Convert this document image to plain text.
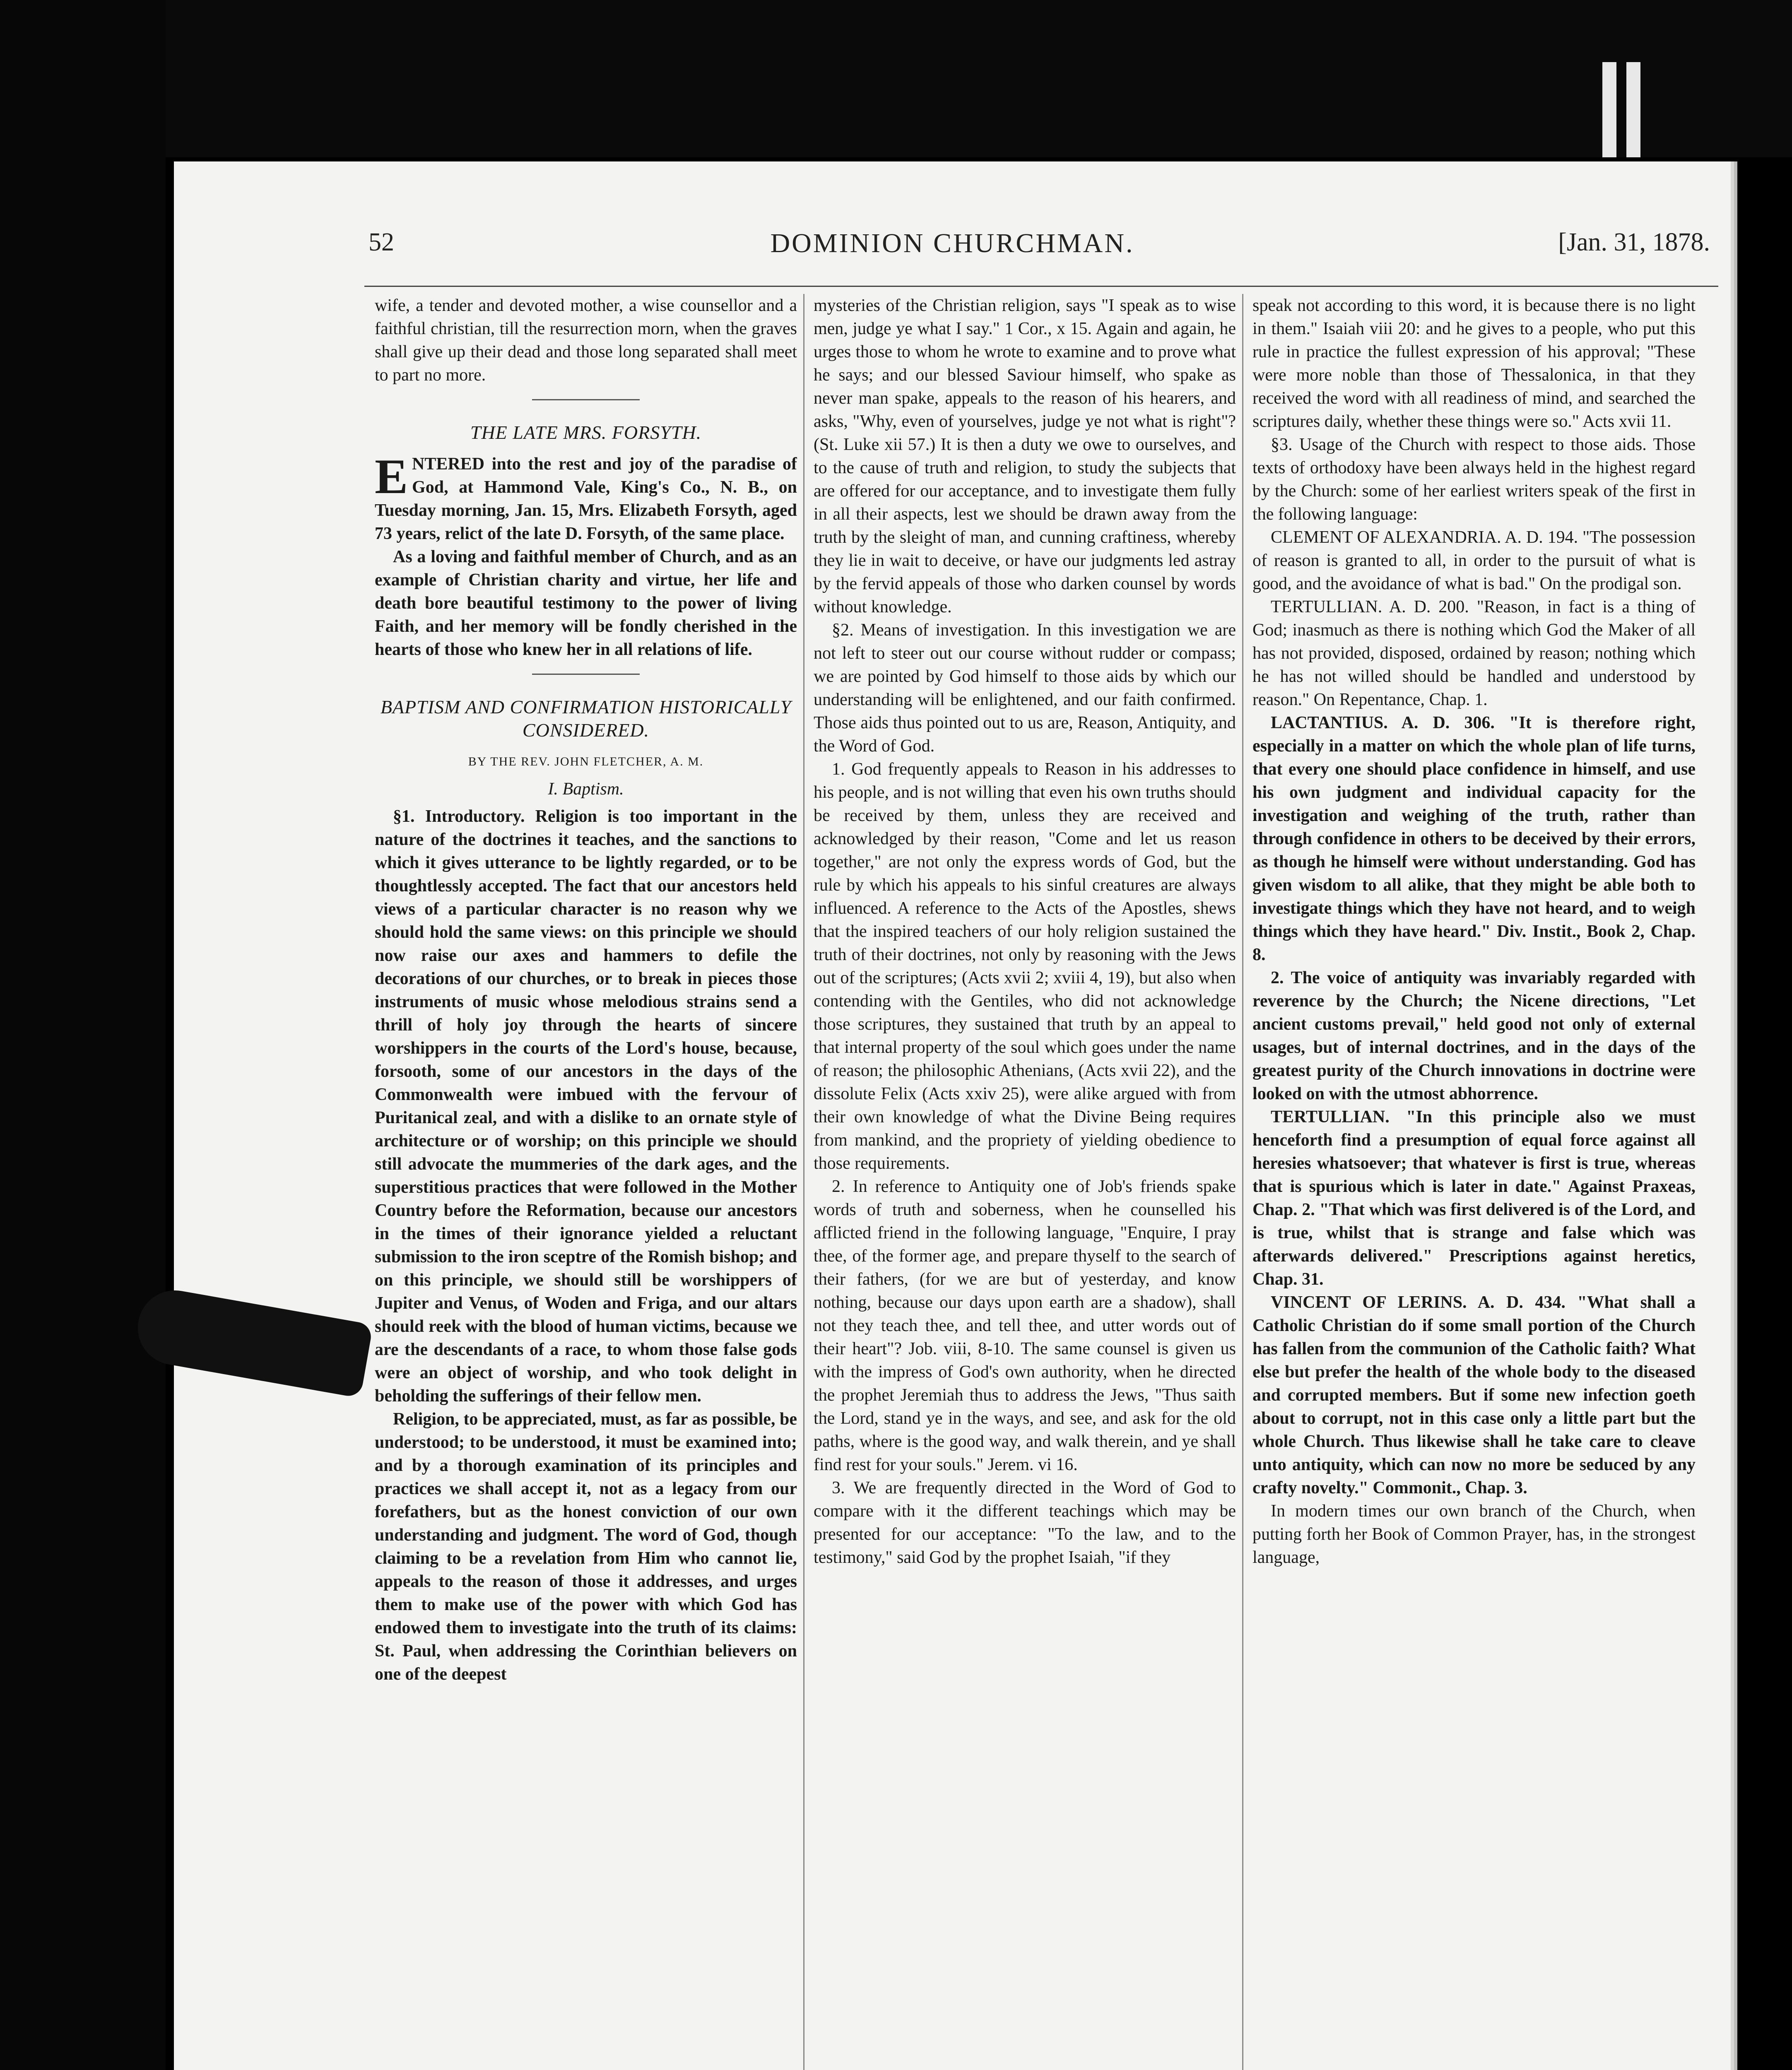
52	DOMINION CHURCHMAN.	[Jan. 31, 1878.

wife, a tender and devoted mother, a wise counsellor and a faithful christian, till the resurrection morn, when the graves shall give up their dead and those long separated shall meet to part no more.

THE LATE MRS. FORSYTH.

ENTERED into the rest and joy of the paradise of God, at Hammond Vale, King's Co., N. B., on Tuesday morning, Jan. 15, Mrs. Elizabeth Forsyth, aged 73 years, relict of the late D. Forsyth, of the same place.

As a loving and faithful member of Church, and as an example of Christian charity and virtue, her life and death bore beautiful testimony to the power of living Faith, and her memory will be fondly cherished in the hearts of those who knew her in all relations of life.

BAPTISM AND CONFIRMATION HISTORICALLY CONSIDERED.
BY THE REV. JOHN FLETCHER, A. M.
I. Baptism.

§1. Introductory. Religion is too important in the nature of the doctrines it teaches, and the sanctions to which it gives utterance to be lightly regarded, or to be thoughtlessly accepted. The fact that our ancestors held views of a particular character is no reason why we should hold the same views: on this principle we should now raise our axes and hammers to defile the decorations of our churches, or to break in pieces those instruments of music whose melodious strains send a thrill of holy joy through the hearts of sincere worshippers in the courts of the Lord's house, because, forsooth, some of our ancestors in the days of the Commonwealth were imbued with the fervour of Puritanical zeal, and with a dislike to an ornate style of architecture or of worship; on this principle we should still advocate the mummeries of the dark ages, and the superstitious practices that were followed in the Mother Country before the Reformation, because our ancestors in the times of their ignorance yielded a reluctant submission to the iron sceptre of the Romish bishop; and on this principle, we should still be worshippers of Jupiter and Venus, of Woden and Friga, and our altars should reek with the blood of human victims, because we are the descendants of a race, to whom those false gods were an object of worship, and who took delight in beholding the sufferings of their fellow men.

Religion, to be appreciated, must, as far as possible, be understood; to be understood, it must be examined into; and by a thorough examination of its principles and practices we shall accept it, not as a legacy from our forefathers, but as the honest conviction of our own understanding and judgment. The word of God, though claiming to be a revelation from Him who cannot lie, appeals to the reason of those it addresses, and urges them to make use of the power with which God has endowed them to investigate into the truth of its claims: St. Paul, when addressing the Corinthian believers on one of the deepest

mysteries of the Christian religion, says "I speak as to wise men, judge ye what I say." 1 Cor., x 15. Again and again, he urges those to whom he wrote to examine and to prove what he says; and our blessed Saviour himself, who spake as never man spake, appeals to the reason of his hearers, and asks, "Why, even of yourselves, judge ye not what is right"? (St. Luke xii 57.) It is then a duty we owe to ourselves, and to the cause of truth and religion, to study the subjects that are offered for our acceptance, and to investigate them fully in all their aspects, lest we should be drawn away from the truth by the sleight of man, and cunning craftiness, whereby they lie in wait to deceive, or have our judgments led astray by the fervid appeals of those who darken counsel by words without knowledge.

§2. Means of investigation. In this investigation we are not left to steer out our course without rudder or compass; we are pointed by God himself to those aids by which our understanding will be enlightened, and our faith confirmed. Those aids thus pointed out to us are, Reason, Antiquity, and the Word of God.

1. God frequently appeals to Reason in his addresses to his people, and is not willing that even his own truths should be received by them, unless they are received and acknowledged by their reason, "Come and let us reason together," are not only the express words of God, but the rule by which his appeals to his sinful creatures are always influenced. A reference to the Acts of the Apostles, shews that the inspired teachers of our holy religion sustained the truth of their doctrines, not only by reasoning with the Jews out of the scriptures; (Acts xvii 2; xviii 4, 19), but also when contending with the Gentiles, who did not acknowledge those scriptures, they sustained that truth by an appeal to that internal property of the soul which goes under the name of reason; the philosophic Athenians, (Acts xvii 22), and the dissolute Felix (Acts xxiv 25), were alike argued with from their own knowledge of what the Divine Being requires from mankind, and the propriety of yielding obedience to those requirements.

2. In reference to Antiquity one of Job's friends spake words of truth and soberness, when he counselled his afflicted friend in the following language, "Enquire, I pray thee, of the former age, and prepare thyself to the search of their fathers, (for we are but of yesterday, and know nothing, because our days upon earth are a shadow), shall not they teach thee, and tell thee, and utter words out of their heart"? Job. viii, 8-10. The same counsel is given us with the impress of God's own authority, when he directed the prophet Jeremiah thus to address the Jews, "Thus saith the Lord, stand ye in the ways, and see, and ask for the old paths, where is the good way, and walk therein, and ye shall find rest for your souls." Jerem. vi 16.

3. We are frequently directed in the Word of God to compare with it the different teachings which may be presented for our acceptance: "To the law, and to the testimony," said God by the prophet Isaiah, "if they

speak not according to this word, it is because there is no light in them." Isaiah viii 20: and he gives to a people, who put this rule in practice the fullest expression of his approval; "These were more noble than those of Thessalonica, in that they received the word with all readiness of mind, and searched the scriptures daily, whether these things were so." Acts xvii 11.

§3. Usage of the Church with respect to those aids. Those texts of orthodoxy have been always held in the highest regard by the Church: some of her earliest writers speak of the first in the following language:

CLEMENT OF ALEXANDRIA. A. D. 194. "The possession of reason is granted to all, in order to the pursuit of what is good, and the avoidance of what is bad." On the prodigal son.

TERTULLIAN. A. D. 200. "Reason, in fact is a thing of God; inasmuch as there is nothing which God the Maker of all has not provided, disposed, ordained by reason; nothing which he has not willed should be handled and understood by reason." On Repentance, Chap. 1.

LACTANTIUS. A. D. 306. "It is therefore right, especially in a matter on which the whole plan of life turns, that every one should place confidence in himself, and use his own judgment and individual capacity for the investigation and weighing of the truth, rather than through confidence in others to be deceived by their errors, as though he himself were without understanding. God has given wisdom to all alike, that they might be able both to investigate things which they have not heard, and to weigh things which they have heard." Div. Instit., Book 2, Chap. 8.

2. The voice of antiquity was invariably regarded with reverence by the Church; the Nicene directions, "Let ancient customs prevail," held good not only of external usages, but of internal doctrines, and in the days of the greatest purity of the Church innovations in doctrine were looked on with the utmost abhorrence.

TERTULLIAN. "In this principle also we must henceforth find a presumption of equal force against all heresies whatsoever; that whatever is first is true, whereas that is spurious which is later in date." Against Praxeas, Chap. 2. "That which was first delivered is of the Lord, and is true, whilst that is strange and false which was afterwards delivered." Prescriptions against heretics, Chap. 31.

VINCENT OF LERINS. A. D. 434. "What shall a Catholic Christian do if some small portion of the Church has fallen from the communion of the Catholic faith? What else but prefer the health of the whole body to the diseased and corrupted members. But if some new infection goeth about to corrupt, not in this case only a little part but the whole Church. Thus likewise shall he take care to cleave unto antiquity, which can now no more be seduced by any crafty novelty." Commonit., Chap. 3.

In modern times our own branch of the Church, when putting forth her Book of Common Prayer, has, in the strongest language,
